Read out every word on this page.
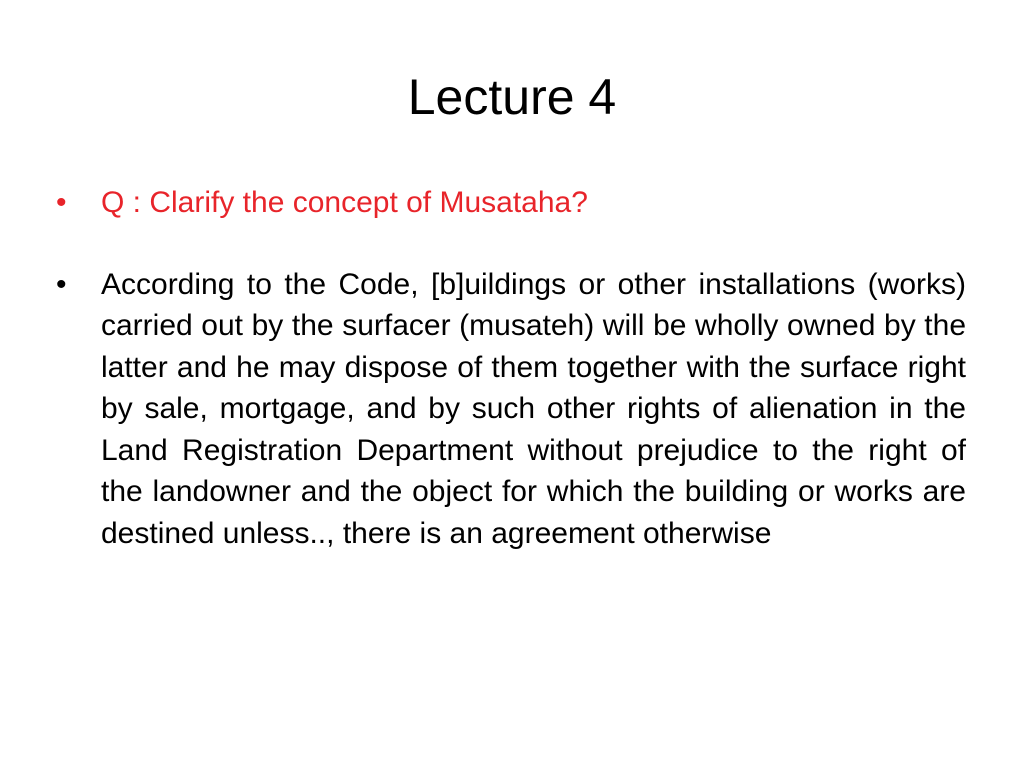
Lecture 4
•	Q : Clarify the concept of Musataha?
•	According to the Code, [b]uildings or other installations (works) carried out by the surfacer (musateh) will be wholly owned by the latter and he may dispose of them together with the surface right by sale, mortgage, and by such other rights of alienation in the Land Registration Department without prejudice to the right of the landowner and the object for which the building or works are destined unless.., there is an agreement otherwise
